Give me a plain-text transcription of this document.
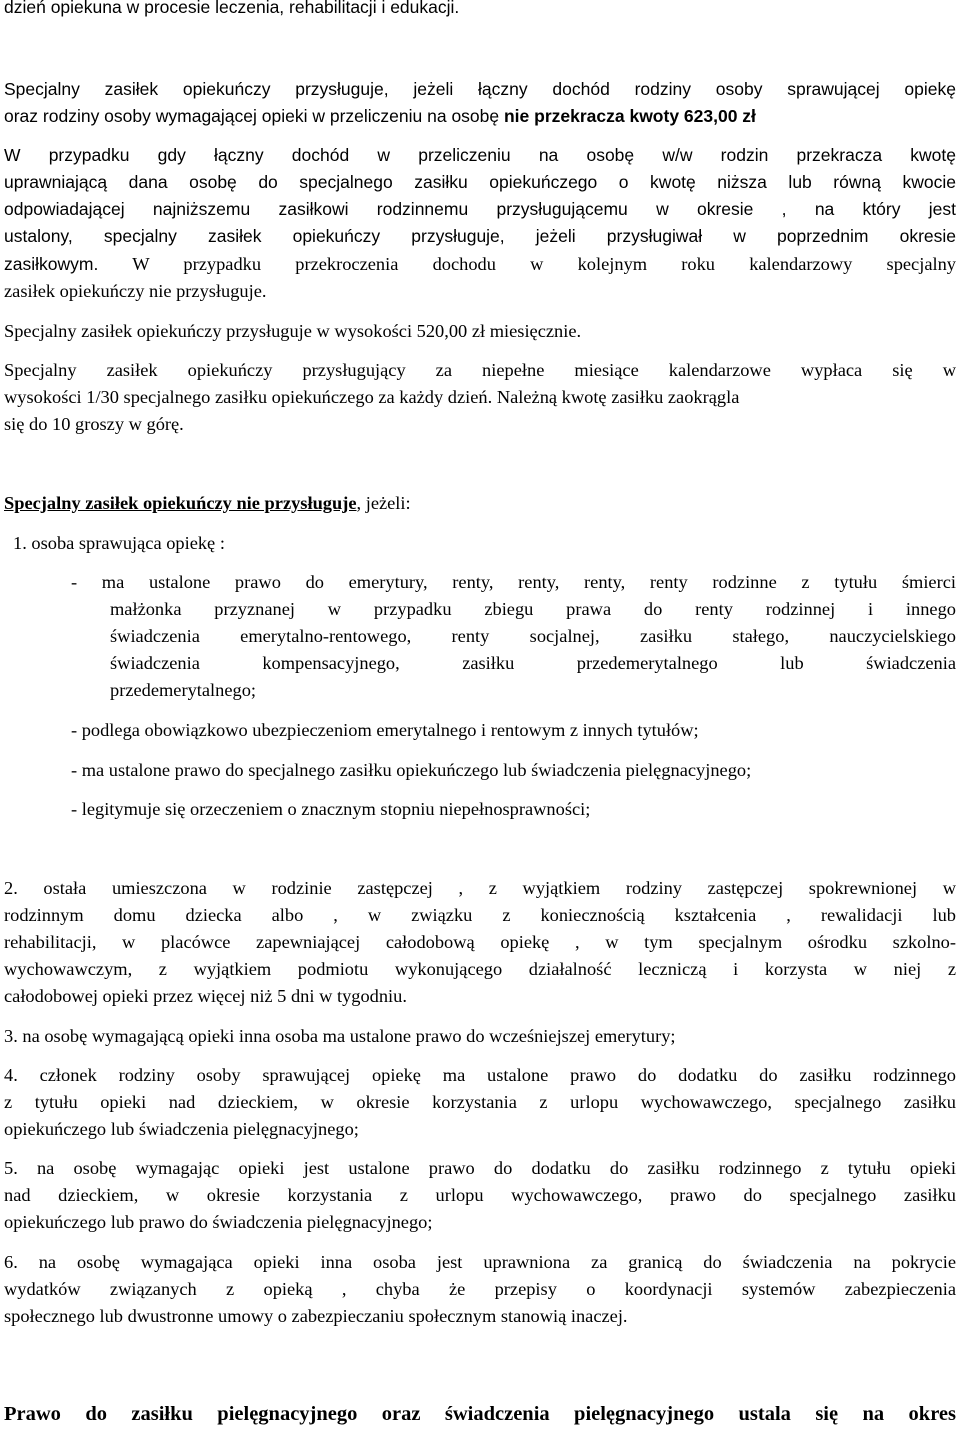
dzień opiekuna w procesie leczenia, rehabilitacji i edukacji.
Specjalny zasiłek opiekuńczy przysługuje, jeżeli łączny dochód rodziny osoby sprawującej opiekę
oraz rodziny osoby wymagającej opieki w przeliczeniu na osobę nie przekracza kwoty 623,00 zł
W przypadku gdy łączny dochód w przeliczeniu na osobę w/w rodzin przekracza kwotę
uprawniającą dana osobę do specjalnego zasiłku opiekuńczego o kwotę niższa lub równą kwocie
odpowiadającej najniższemu zasiłkowi rodzinnemu przysługującemu w okresie , na który jest
ustalony, specjalny zasiłek opiekuńczy przysługuje, jeżeli przysługiwał w poprzednim okresie
zasiłkowym. W przypadku przekroczenia dochodu w kolejnym roku kalendarzowy specjalny
zasiłek opiekuńczy nie przysługuje.
Specjalny zasiłek opiekuńczy przysługuje w wysokości 520,00 zł miesięcznie.
Specjalny zasiłek opiekuńczy przysługujący za niepełne miesiące kalendarzowe wypłaca się w
wysokości 1/30 specjalnego zasiłku opiekuńczego za każdy dzień. Należną kwotę zasiłku zaokrągla
się do 10 groszy w górę.
Specjalny zasiłek opiekuńczy nie przysługuje, jeżeli:
1. osoba sprawująca opiekę :
- ma ustalone prawo do emerytury, renty, renty, renty, renty rodzinne z tytułu śmierci
małżonka przyznanej w przypadku zbiegu prawa do renty rodzinnej i innego
świadczenia emerytalno-rentowego, renty socjalnej, zasiłku stałego, nauczycielskiego
świadczenia kompensacyjnego, zasiłku przedemerytalnego lub świadczenia
przedemerytalnego;
- podlega obowiązkowo ubezpieczeniom emerytalnego i rentowym z innych tytułów;
- ma ustalone prawo do specjalnego zasiłku opiekuńczego lub świadczenia pielęgnacyjnego;
- legitymuje się orzeczeniem o znacznym stopniu niepełnosprawności;
2. ostała umieszczona w rodzinie zastępczej , z wyjątkiem rodziny zastępczej spokrewnionej w
rodzinnym domu dziecka albo , w związku z koniecznością kształcenia , rewalidacji lub
rehabilitacji, w placówce zapewniającej całodobową opiekę , w tym specjalnym ośrodku szkolno-
wychowawczym, z wyjątkiem podmiotu wykonującego działalność leczniczą i korzysta w niej z
całodobowej opieki przez więcej niż 5 dni w tygodniu.
3. na osobę wymagającą opieki inna osoba ma ustalone prawo do wcześniejszej emerytury;
4. członek rodziny osoby sprawującej opiekę ma ustalone prawo do dodatku do zasiłku rodzinnego
z tytułu opieki nad dzieckiem, w okresie korzystania z urlopu wychowawczego, specjalnego zasiłku
opiekuńczego lub świadczenia pielęgnacyjnego;
5. na osobę wymagając opieki jest ustalone prawo do dodatku do zasiłku rodzinnego z tytułu opieki
nad dzieckiem, w okresie korzystania z urlopu wychowawczego, prawo do specjalnego zasiłku
opiekuńczego lub prawo do świadczenia pielęgnacyjnego;
6. na osobę wymagająca opieki inna osoba jest uprawniona za granicą do świadczenia na pokrycie
wydatków związanych z opieką , chyba że przepisy o koordynacji systemów zabezpieczenia
społecznego lub dwustronne umowy o zabezpieczaniu społecznym stanowią inaczej.
Prawo do zasiłku pielęgnacyjnego oraz świadczenia pielęgnacyjnego ustala się na okres
